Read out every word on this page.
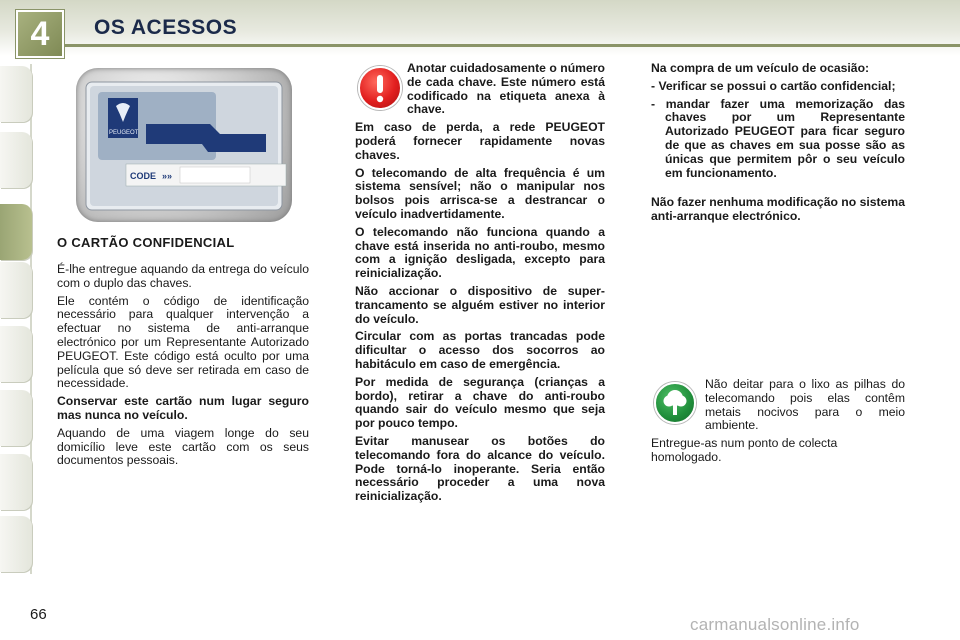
4	OS ACESSOS
PEUGEOT
CODE »»
O CARTÃO CONFIDENCIAL

É-lhe entregue aquando da entrega do veículo com o duplo das chaves.

Ele contém o código de identificação necessário para qualquer intervenção a efectuar no sistema de anti-arranque electrónico por um Representante Autorizado PEUGEOT. Este código está oculto por uma película que só deve ser retirada em caso de necessidade.

Conservar este cartão num lugar seguro mas nunca no veículo.

Aquando de uma viagem longe do seu domicílio leve este cartão com os seus documentos pessoais.

Anotar cuidadosamente o número de cada chave. Este número está codificado na etiqueta anexa à chave.

Em caso de perda, a rede PEUGEOT poderá fornecer rapidamente novas chaves.

O telecomando de alta frequência é um sistema sensível; não o manipular nos bolsos pois arrisca-se a destrancar o veículo inadvertidamente.

O telecomando não funciona quando a chave está inserida no anti-roubo, mesmo com a ignição desligada, excepto para reinicialização.

Não accionar o dispositivo de super-trancamento se alguém estiver no interior do veículo.

Circular com as portas trancadas pode dificultar o acesso dos socorros ao habitáculo em caso de emergência.

Por medida de segurança (crianças a bordo), retirar a chave do anti-roubo quando sair do veículo mesmo que seja por pouco tempo.

Evitar manusear os botões do telecomando fora do alcance do veículo. Pode torná-lo inoperante. Seria então necessário proceder a uma nova reinicialização.

Na compra de um veículo de ocasião:

- Verificar se possui o cartão confidencial;

- mandar fazer uma memorização das chaves por um Representante Autorizado PEUGEOT para ficar seguro de que as chaves em sua posse são as únicas que permitem pôr o seu veículo em funcionamento.

Não fazer nenhuma modificação no sistema anti-arranque electrónico.

Não deitar para o lixo as pilhas do telecomando pois elas contêm metais nocivos para o meio ambiente.

Entregue-as num ponto de colecta homologado.

66
carmanualsonline.info
